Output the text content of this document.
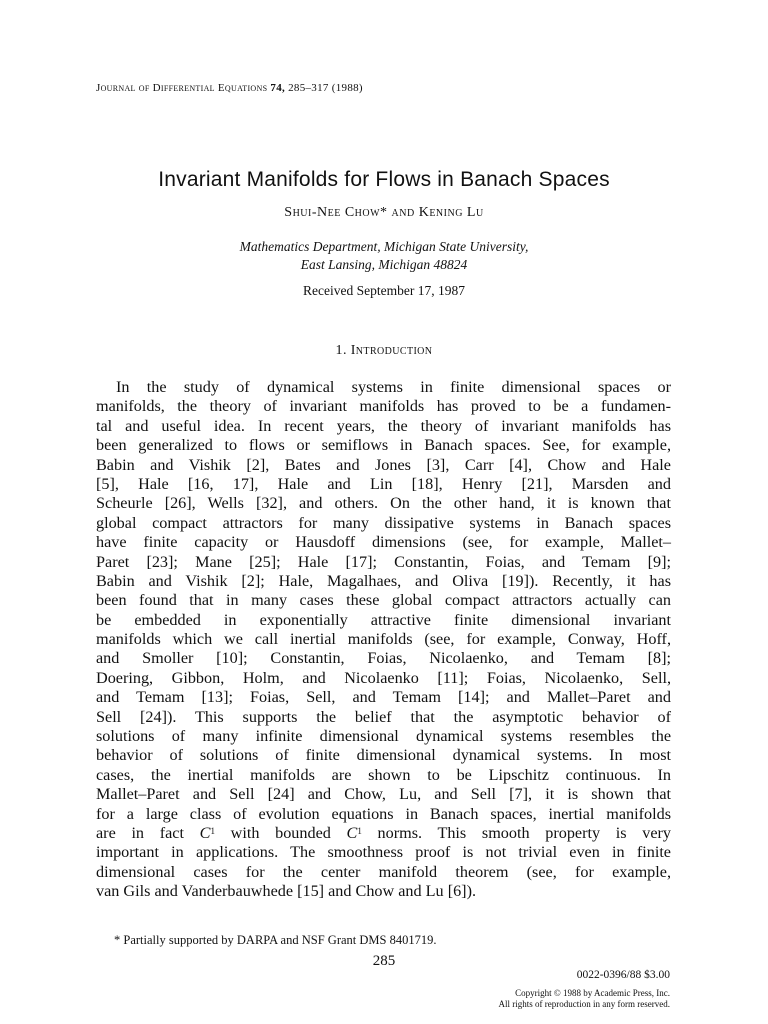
Journal of Differential Equations 74, 285–317 (1988)
Invariant Manifolds for Flows in Banach Spaces
Shui-Nee Chow* and Kening Lu
Mathematics Department, Michigan State University,
East Lansing, Michigan 48824
Received September 17, 1987
1. Introduction
In the study of dynamical systems in finite dimensional spaces or
manifolds, the theory of invariant manifolds has proved to be a fundamen-
tal and useful idea. In recent years, the theory of invariant manifolds has
been generalized to flows or semiflows in Banach spaces. See, for example,
Babin and Vishik [2], Bates and Jones [3], Carr [4], Chow and Hale
[5], Hale [16, 17], Hale and Lin [18], Henry [21], Marsden and
Scheurle [26], Wells [32], and others. On the other hand, it is known that
global compact attractors for many dissipative systems in Banach spaces
have finite capacity or Hausdoff dimensions (see, for example, Mallet–
Paret [23]; Mane [25]; Hale [17]; Constantin, Foias, and Temam [9];
Babin and Vishik [2]; Hale, Magalhaes, and Oliva [19]). Recently, it has
been found that in many cases these global compact attractors actually can
be embedded in exponentially attractive finite dimensional invariant
manifolds which we call inertial manifolds (see, for example, Conway, Hoff,
and Smoller [10]; Constantin, Foias, Nicolaenko, and Temam [8];
Doering, Gibbon, Holm, and Nicolaenko [11]; Foias, Nicolaenko, Sell,
and Temam [13]; Foias, Sell, and Temam [14]; and Mallet–Paret and
Sell [24]). This supports the belief that the asymptotic behavior of
solutions of many infinite dimensional dynamical systems resembles the
behavior of solutions of finite dimensional dynamical systems. In most
cases, the inertial manifolds are shown to be Lipschitz continuous. In
Mallet–Paret and Sell [24] and Chow, Lu, and Sell [7], it is shown that
for a large class of evolution equations in Banach spaces, inertial manifolds
are in fact $C^1$ with bounded $C^1$ norms. This smooth property is very
important in applications. The smoothness proof is not trivial even in finite
dimensional cases for the center manifold theorem (see, for example,
van Gils and Vanderbauwhede [15] and Chow and Lu [6]).
* Partially supported by DARPA and NSF Grant DMS 8401719.
285
0022-0396/88 $3.00
Copyright © 1988 by Academic Press, Inc.
All rights of reproduction in any form reserved.
